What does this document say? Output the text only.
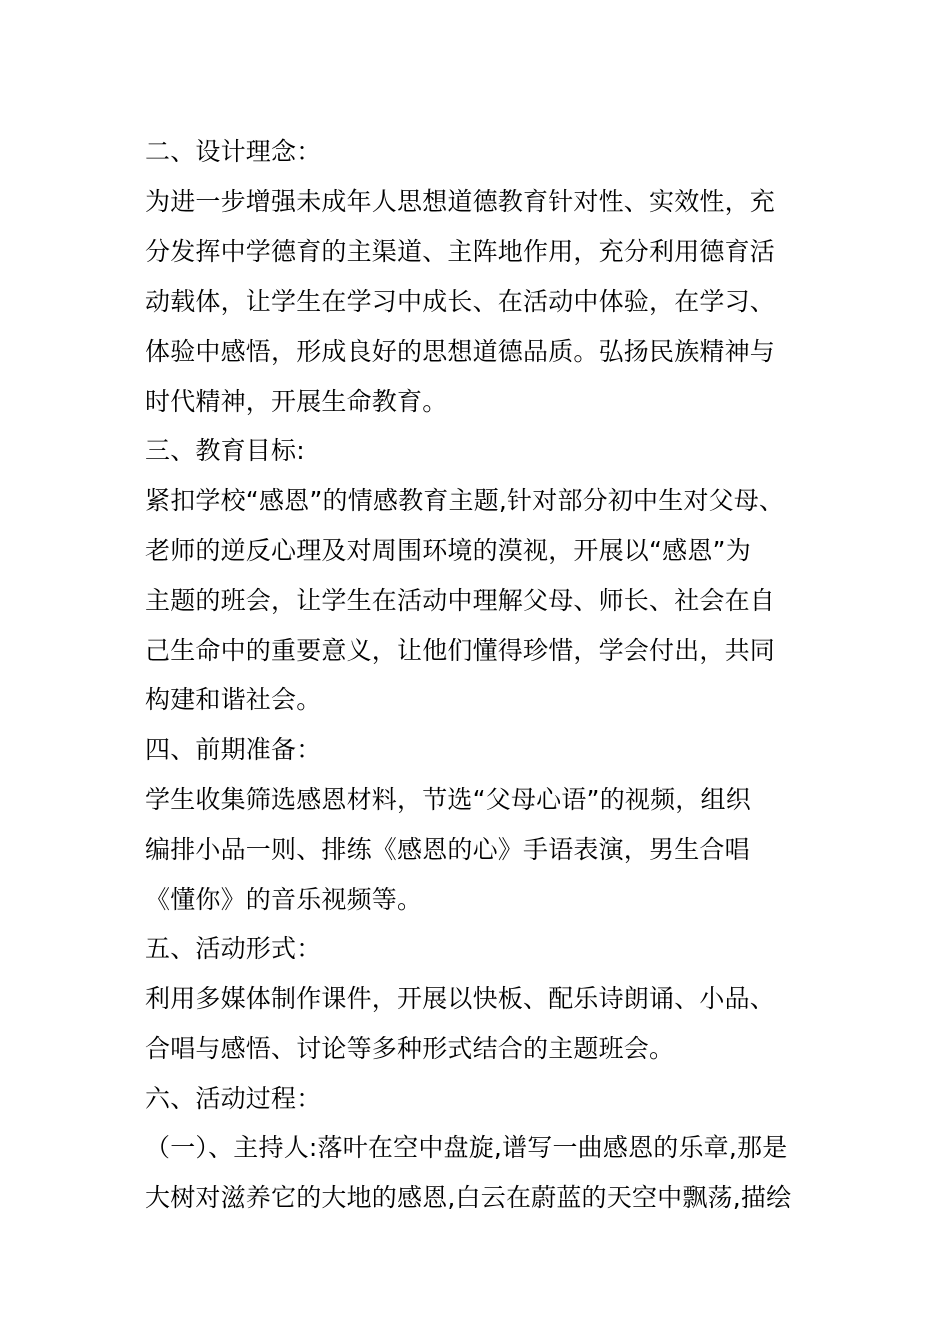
二、设计理念：
为进一步增强未成年人思想道德教育针对性、实效性，充
分发挥中学德育的主渠道、主阵地作用，充分利用德育活
动载体，让学生在学习中成长、在活动中体验，在学习、
体验中感悟，形成良好的思想道德品质。弘扬民族精神与
时代精神，开展生命教育。
三、教育目标:
紧扣学校“感恩”的情感教育主题,针对部分初中生对父母、
老师的逆反心理及对周围环境的漠视，开展以“感恩”为
主题的班会，让学生在活动中理解父母、师长、社会在自
己生命中的重要意义，让他们懂得珍惜，学会付出，共同
构建和谐社会。
四、前期准备：
学生收集筛选感恩材料，节选“父母心语”的视频，组织
编排小品一则、排练《感恩的心》手语表演，男生合唱
《懂你》的音乐视频等。
五、活动形式：
利用多媒体制作课件，开展以快板、配乐诗朗诵、小品、
合唱与感悟、讨论等多种形式结合的主题班会。
六、活动过程：
（一）、主持人:落叶在空中盘旋,谱写一曲感恩的乐章,那是
大树对滋养它的大地的感恩,白云在蔚蓝的天空中飘荡,描绘
